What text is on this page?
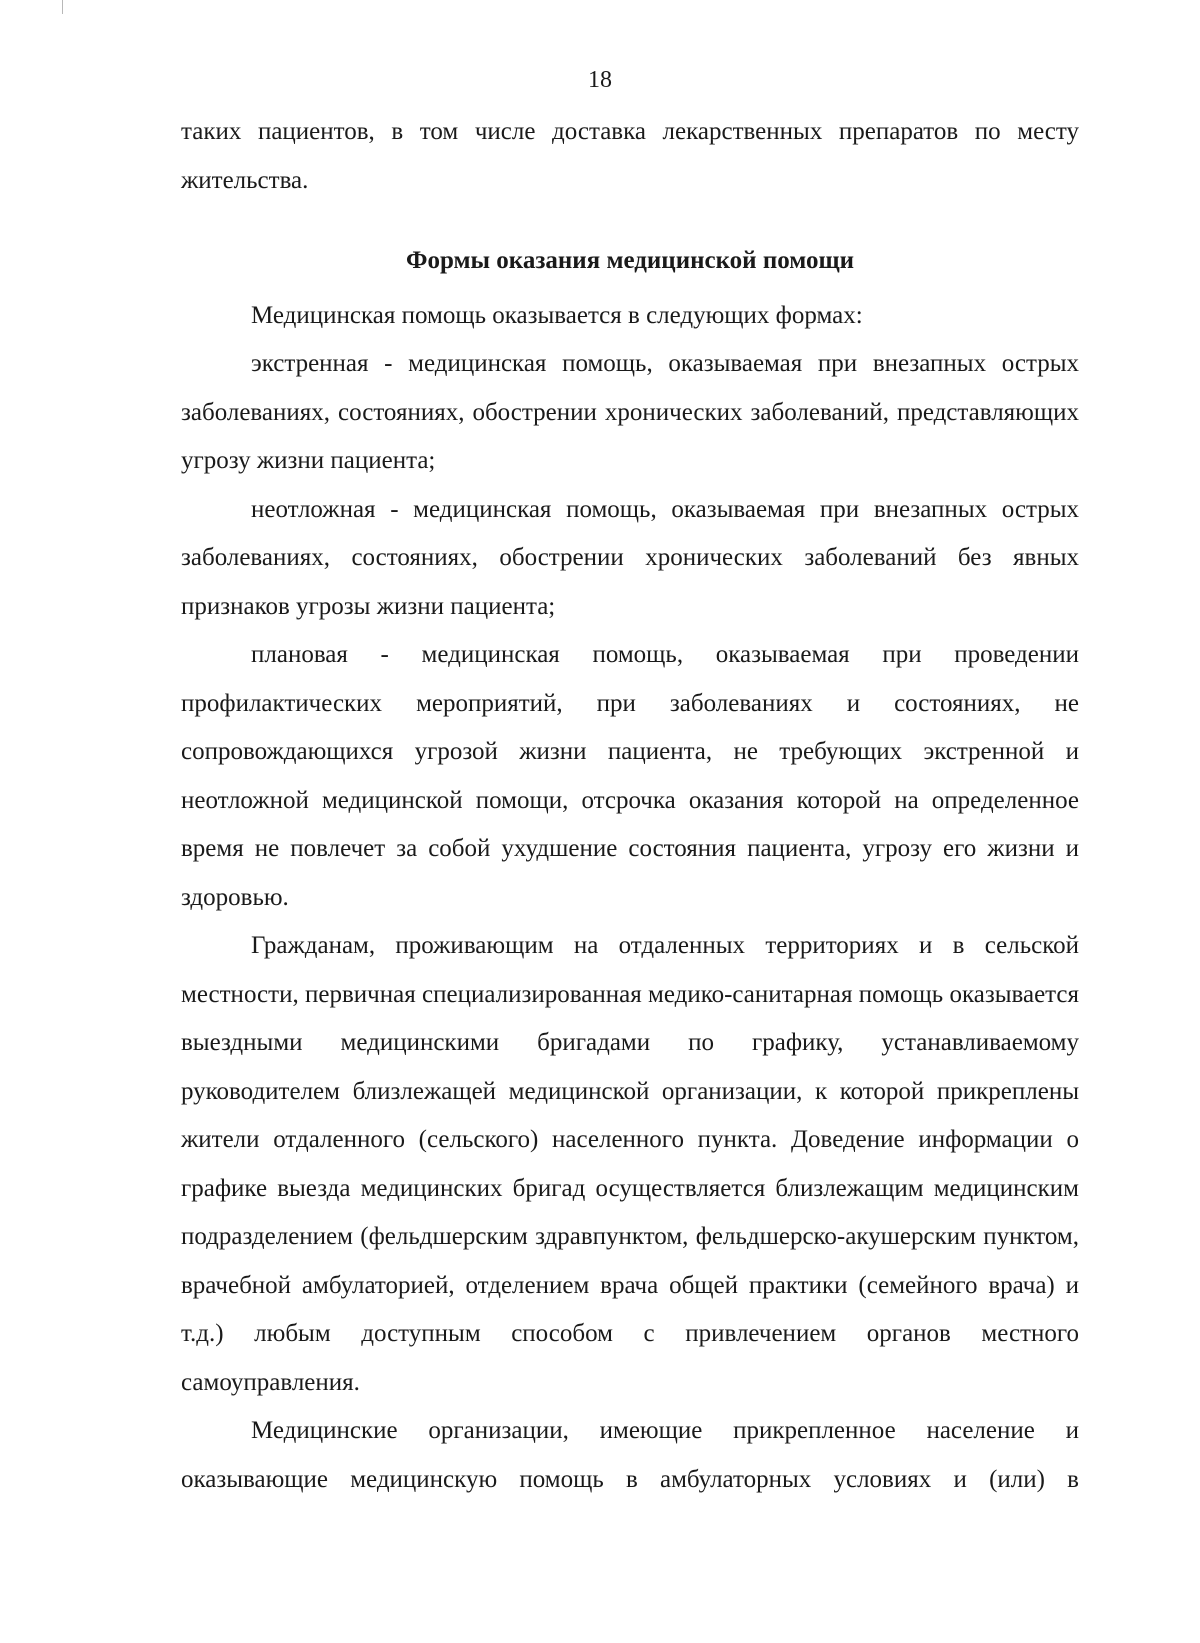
18

таких пациентов, в том числе доставка лекарственных препаратов по месту жительства.

Формы оказания медицинской помощи

Медицинская помощь оказывается в следующих формах:

экстренная - медицинская помощь, оказываемая при внезапных острых заболеваниях, состояниях, обострении хронических заболеваний, представляющих угрозу жизни пациента;

неотложная - медицинская помощь, оказываемая при внезапных острых заболеваниях, состояниях, обострении хронических заболеваний без явных признаков угрозы жизни пациента;

плановая - медицинская помощь, оказываемая при проведении профилактических мероприятий, при заболеваниях и состояниях, не сопровождающихся угрозой жизни пациента, не требующих экстренной и неотложной медицинской помощи, отсрочка оказания которой на определенное время не повлечет за собой ухудшение состояния пациента, угрозу его жизни и здоровью.

Гражданам, проживающим на отдаленных территориях и в сельской местности, первичная специализированная медико-санитарная помощь оказывается выездными медицинскими бригадами по графику, устанавливаемому руководителем близлежащей медицинской организации, к которой прикреплены жители отдаленного (сельского) населенного пункта. Доведение информации о графике выезда медицинских бригад осуществляется близлежащим медицинским подразделением (фельдшерским здравпунктом, фельдшерско-акушерским пунктом, врачебной амбулаторией, отделением врача общей практики (семейного врача) и т.д.) любым доступным способом с привлечением органов местного самоуправления.

Медицинские организации, имеющие прикрепленное население и оказывающие медицинскую помощь в амбулаторных условиях и (или) в
